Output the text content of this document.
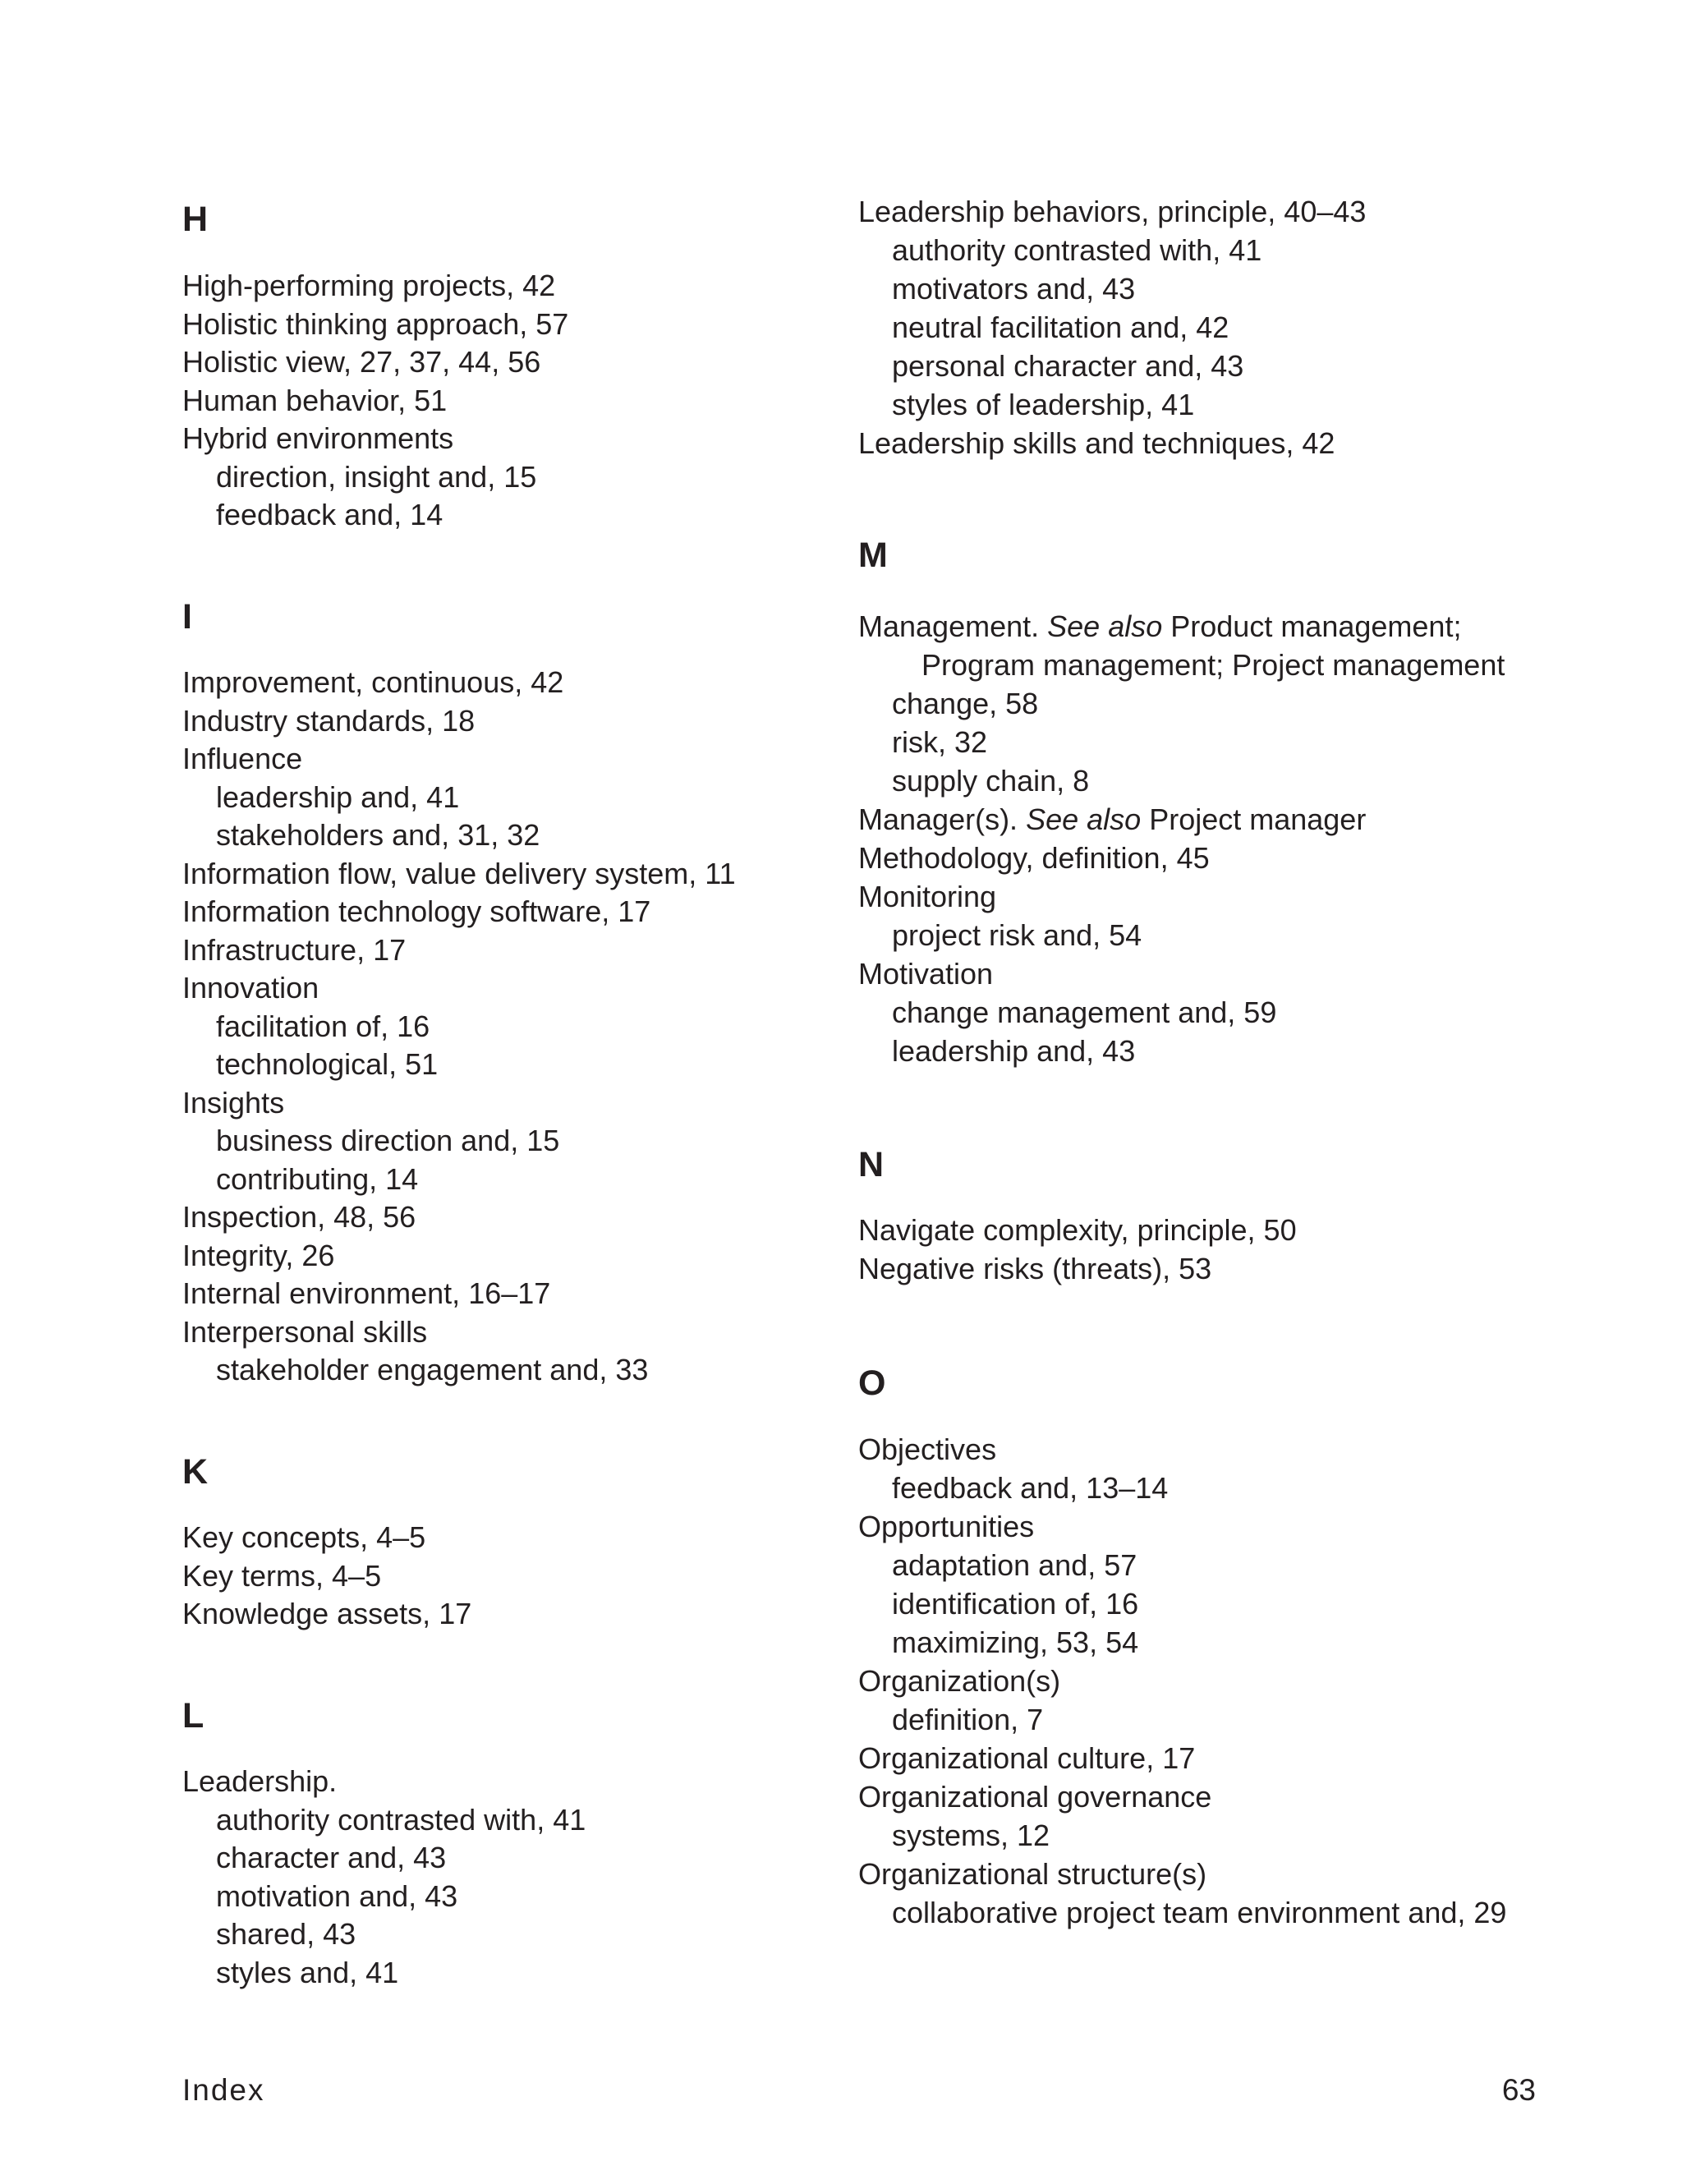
H
High-performing projects, 42
Holistic thinking approach, 57
Holistic view, 27, 37, 44, 56
Human behavior, 51
Hybrid environments
direction, insight and, 15
feedback and, 14
I
Improvement, continuous, 42
Industry standards, 18
Influence
leadership and, 41
stakeholders and, 31, 32
Information flow, value delivery system, 11
Information technology software, 17
Infrastructure, 17
Innovation
facilitation of, 16
technological, 51
Insights
business direction and, 15
contributing, 14
Inspection, 48, 56
Integrity, 26
Internal environment, 16–17
Interpersonal skills
stakeholder engagement and, 33
K
Key concepts, 4–5
Key terms, 4–5
Knowledge assets, 17
L
Leadership.
authority contrasted with, 41
character and, 43
motivation and, 43
shared, 43
styles and, 41
Leadership behaviors, principle, 40–43
authority contrasted with, 41
motivators and, 43
neutral facilitation and, 42
personal character and, 43
styles of leadership, 41
Leadership skills and techniques, 42
M
Management. See also Product management;
Program management; Project management
change, 58
risk, 32
supply chain, 8
Manager(s). See also Project manager
Methodology, definition, 45
Monitoring
project risk and, 54
Motivation
change management and, 59
leadership and, 43
N
Navigate complexity, principle, 50
Negative risks (threats), 53
O
Objectives
feedback and, 13–14
Opportunities
adaptation and, 57
identification of, 16
maximizing, 53, 54
Organization(s)
definition, 7
Organizational culture, 17
Organizational governance
systems, 12
Organizational structure(s)
collaborative project team environment and, 29
Index	63
